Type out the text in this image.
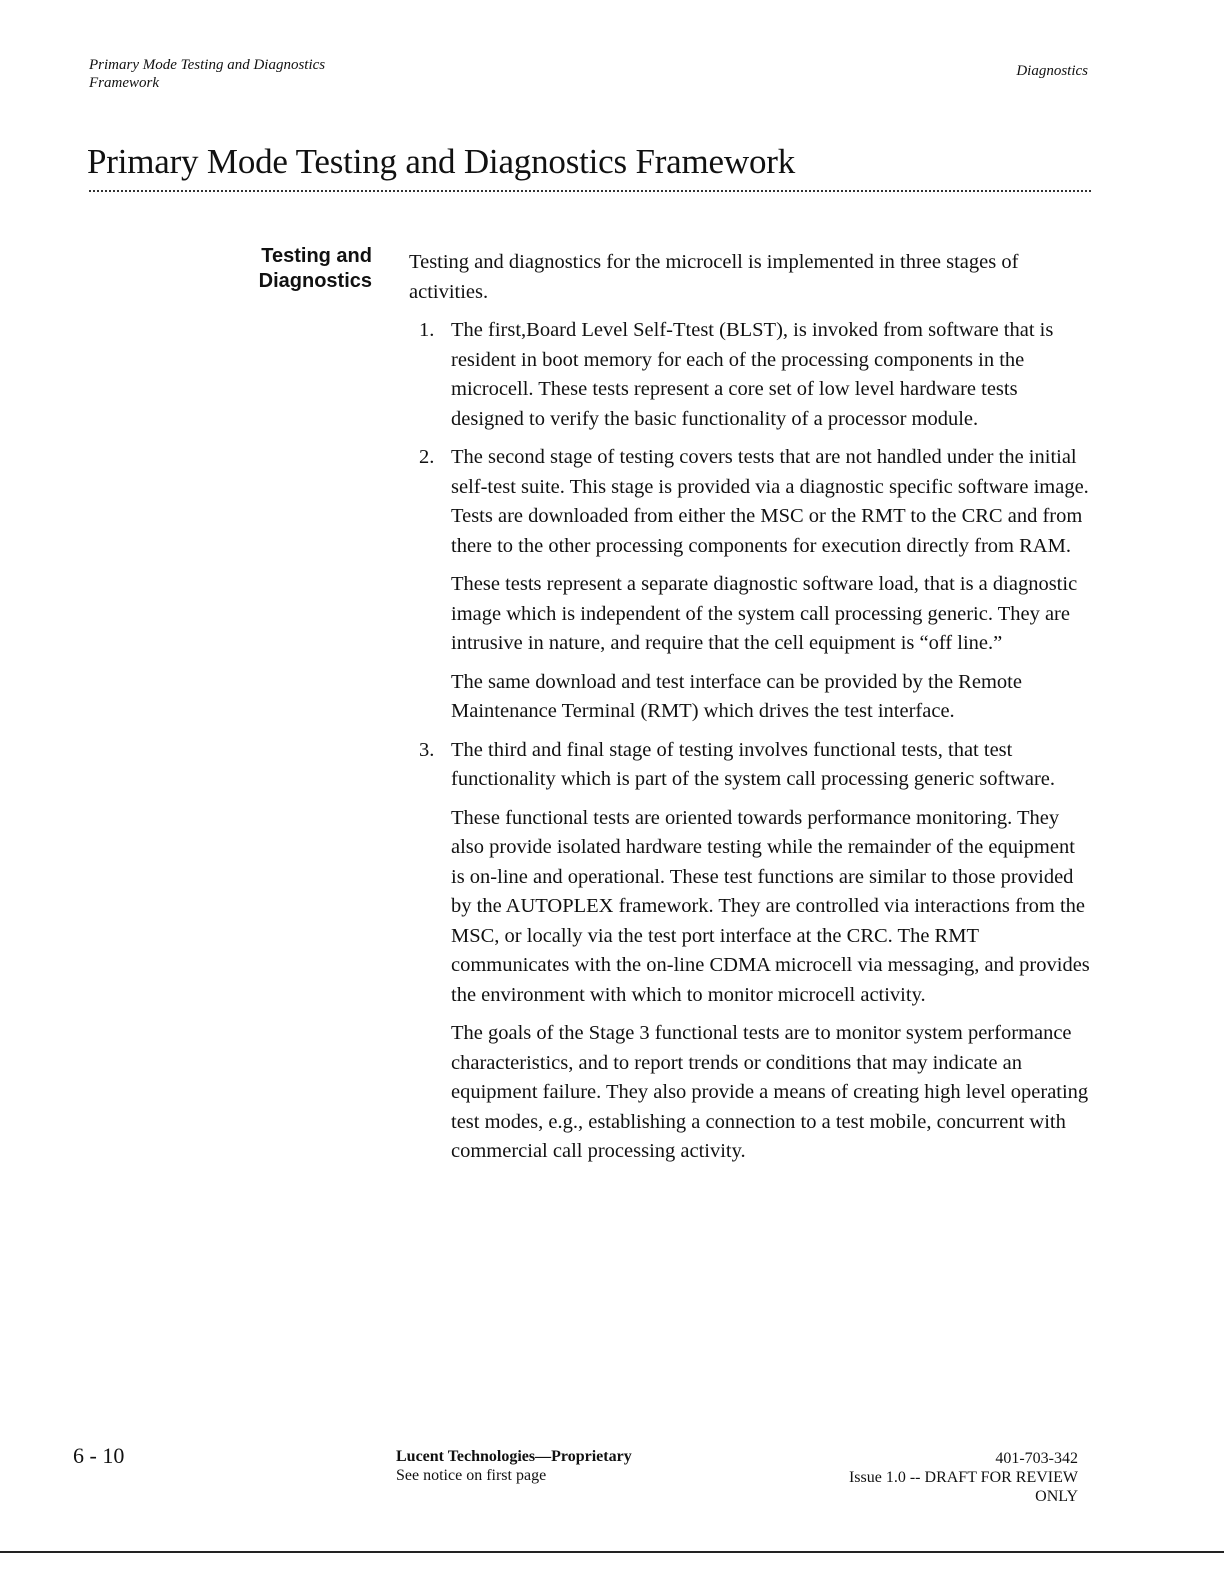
Primary Mode Testing and Diagnostics
Framework
Diagnostics
Primary Mode Testing and Diagnostics Framework
Testing and
Diagnostics

Testing and diagnostics for the microcell is implemented in three stages of activities.

1. The first,Board Level Self-Ttest (BLST), is invoked from software that is resident in boot memory for each of the processing components in the microcell. These tests represent a core set of low level hardware tests designed to verify the basic functionality of a processor module.

2. The second stage of testing covers tests that are not handled under the initial self-test suite. This stage is provided via a diagnostic specific software image. Tests are downloaded from either the MSC or the RMT to the CRC and from there to the other processing components for execution directly from RAM.

These tests represent a separate diagnostic software load, that is a diagnostic image which is independent of the system call processing generic. They are intrusive in nature, and require that the cell equipment is “off line.”

The same download and test interface can be provided by the Remote Maintenance Terminal (RMT) which drives the test interface.

3. The third and final stage of testing involves functional tests, that test functionality which is part of the system call processing generic software.

These functional tests are oriented towards performance monitoring. They also provide isolated hardware testing while the remainder of the equipment is on-line and operational. These test functions are similar to those provided by the AUTOPLEX framework. They are controlled via interactions from the MSC, or locally via the test port interface at the CRC. The RMT communicates with the on-line CDMA microcell via messaging, and provides the environment with which to monitor microcell activity.

The goals of the Stage 3 functional tests are to monitor system performance characteristics, and to report trends or conditions that may indicate an equipment failure. They also provide a means of creating high level operating test modes, e.g., establishing a connection to a test mobile, concurrent with commercial call processing activity.

6 - 10	Lucent Technologies—Proprietary
See notice on first page
401-703-342
Issue 1.0 -- DRAFT FOR REVIEW
ONLY
